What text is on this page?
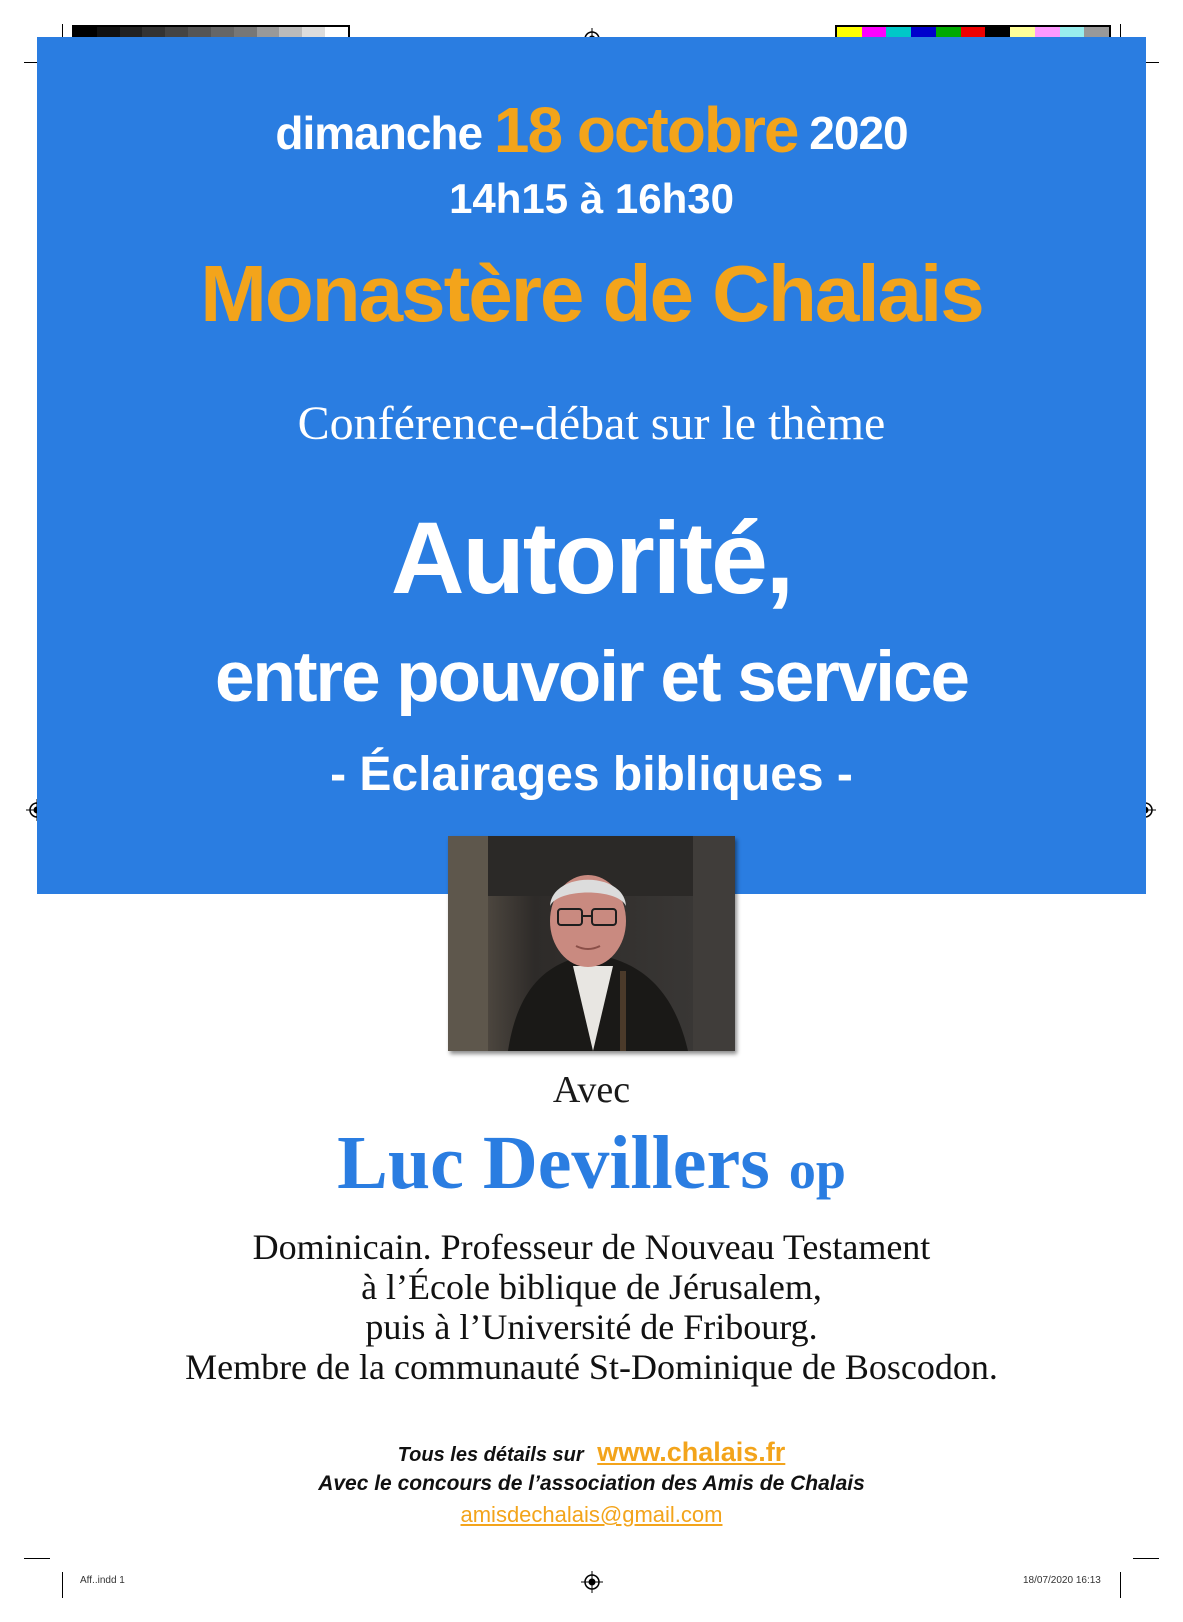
dimanche 18 octobre 2020
14h15 à 16h30
Monastère de Chalais
Conférence-débat sur le thème
Autorité,
entre pouvoir et service
- Éclairages bibliques -
Avec
Luc Devillers op
Dominicain. Professeur de Nouveau Testament
à l’École biblique de Jérusalem,
puis à l’Université de Fribourg.
Membre de la communauté St-Dominique de Boscodon.
Tous les détails sur www.chalais.fr
Avec le concours de l’association des Amis de Chalais
amisdechalais@gmail.com
Aff..indd 1	18/07/2020 16:13
